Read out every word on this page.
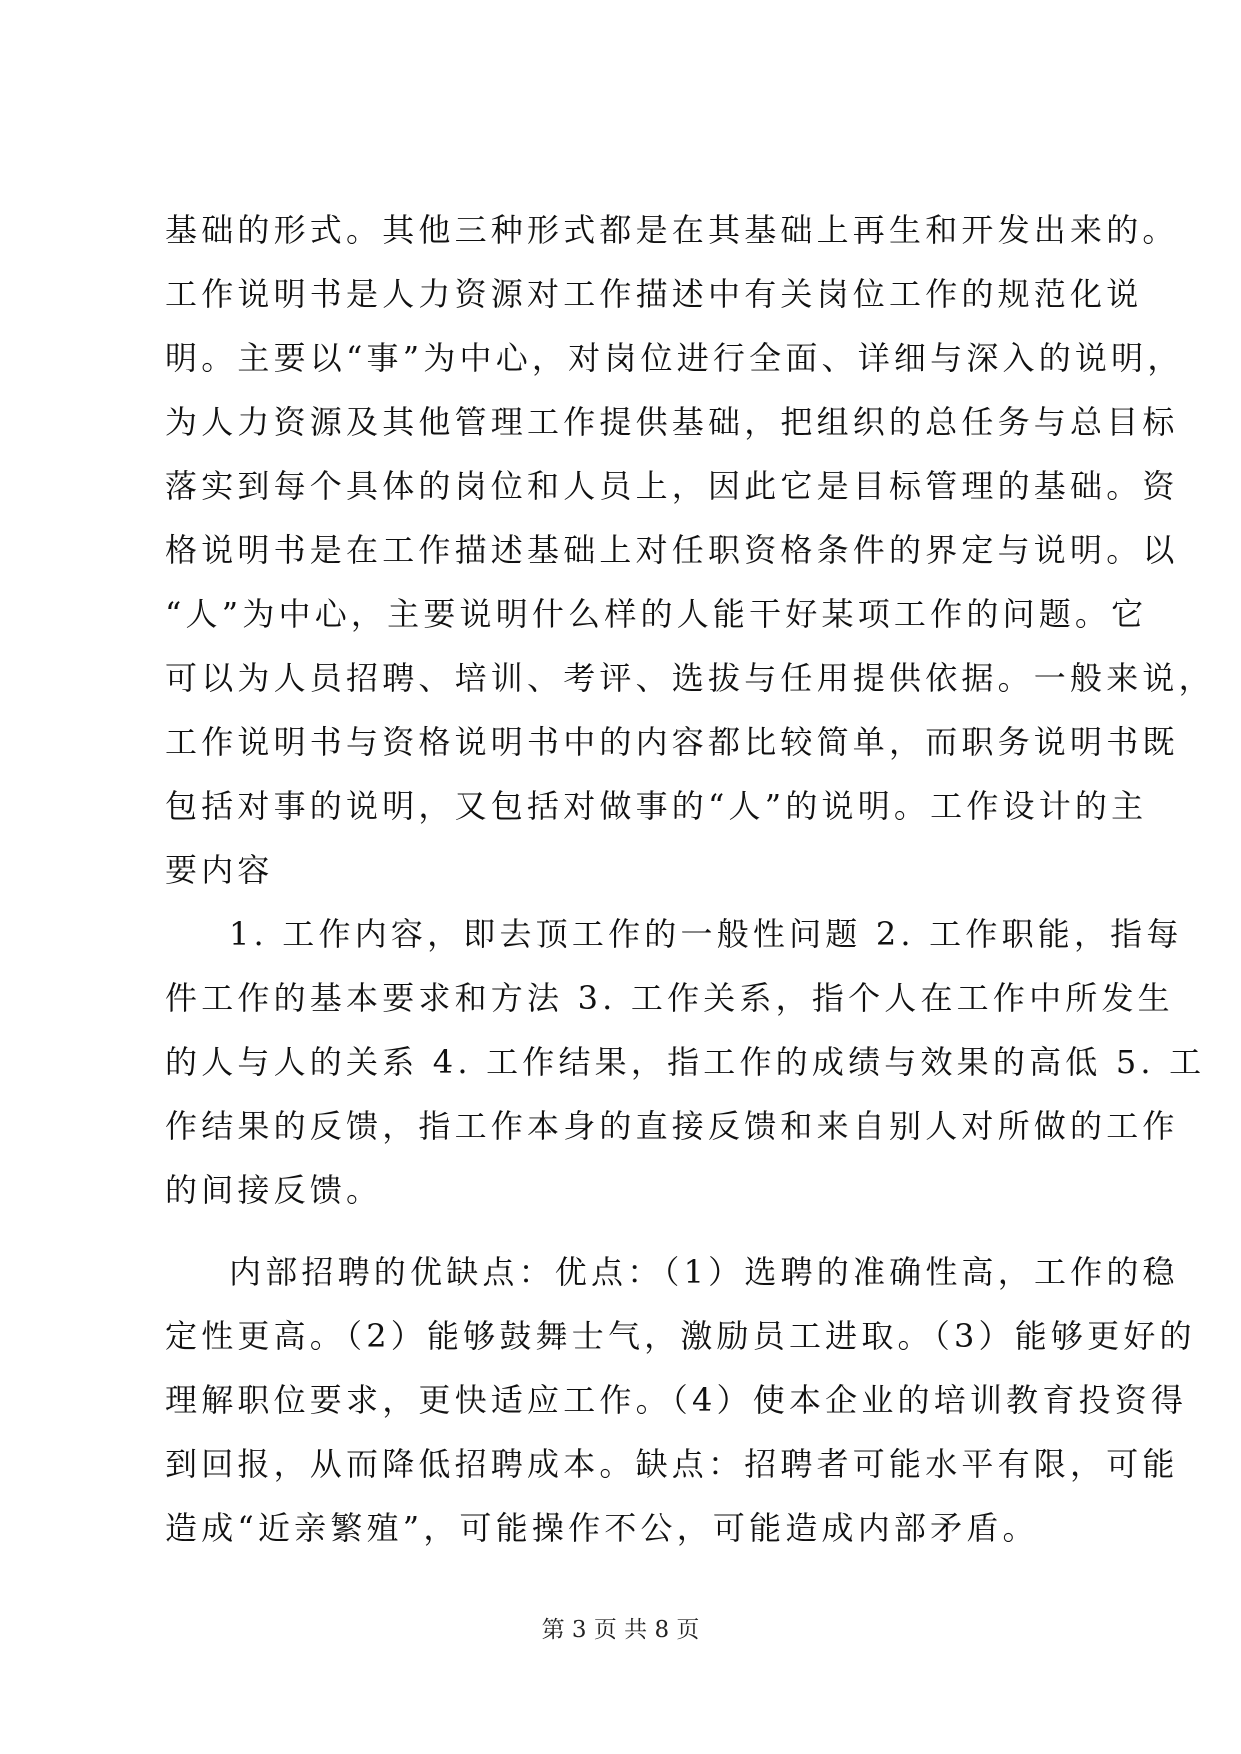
基础的形式。其他三种形式都是在其基础上再生和开发出来的。
工作说明书是人力资源对工作描述中有关岗位工作的规范化说
明。主要以“事”为中心，对岗位进行全面、详细与深入的说明，
为人力资源及其他管理工作提供基础，把组织的总任务与总目标
落实到每个具体的岗位和人员上，因此它是目标管理的基础。资
格说明书是在工作描述基础上对任职资格条件的界定与说明。以
“人”为中心，主要说明什么样的人能干好某项工作的问题。它
可以为人员招聘、培训、考评、选拔与任用提供依据。一般来说，
工作说明书与资格说明书中的内容都比较简单，而职务说明书既
包括对事的说明，又包括对做事的“人”的说明。工作设计的主
要内容
1. 工作内容，即去顶工作的一般性问题 2. 工作职能，指每
件工作的基本要求和方法 3. 工作关系，指个人在工作中所发生
的人与人的关系 4. 工作结果，指工作的成绩与效果的高低 5. 工
作结果的反馈，指工作本身的直接反馈和来自别人对所做的工作
的间接反馈。
内部招聘的优缺点：优点：（1）选聘的准确性高，工作的稳
定性更高。（2）能够鼓舞士气，激励员工进取。（3）能够更好的
理解职位要求，更快适应工作。（4）使本企业的培训教育投资得
到回报，从而降低招聘成本。缺点：招聘者可能水平有限，可能
造成“近亲繁殖”，可能操作不公，可能造成内部矛盾。
第 3 页 共 8 页
